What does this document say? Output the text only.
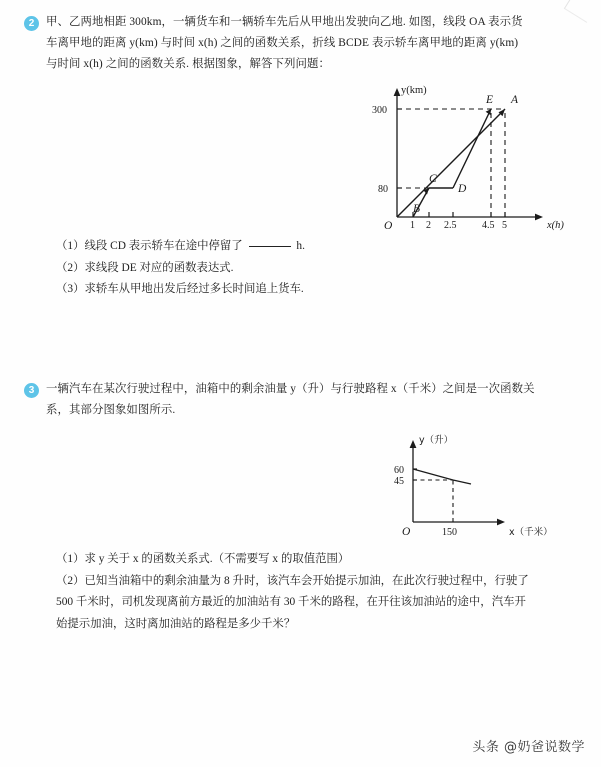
2	甲、乙两地相距 300km，一辆货车和一辆轿车先后从甲地出发驶向乙地. 如图，线段 OA 表示货
车离甲地的距离 y(km) 与时间 x(h) 之间的函数关系，折线 BCDE 表示轿车离甲地的距离 y(km)
与时间 x(h) 之间的函数关系. 根据图象，解答下列问题：
1 2 2.5	4.5 5
80
300
y(km)
x(h)
O
B
C
D
E A
（1）线段 CD 表示轿车在途中停留了	h.
（2）求线段 DE 对应的函数表达式.
（3）求轿车从甲地出发后经过多长时间追上货车.
3	一辆汽车在某次行驶过程中，油箱中的剩余油量 y（升）与行驶路程 x（千米）之间是一次函数关
系，其部分图象如图所示.
60
45
150
y（升）
x（千米）
O
（1）求 y 关于 x 的函数关系式.（不需要写 x 的取值范围）
（2）已知当油箱中的剩余油量为 8 升时，该汽车会开始提示加油，在此次行驶过程中，行驶了
500 千米时，司机发现离前方最近的加油站有 30 千米的路程，在开往该加油站的途中，汽车开
始提示加油，这时离加油站的路程是多少千米？
头条 @奶爸说数学
